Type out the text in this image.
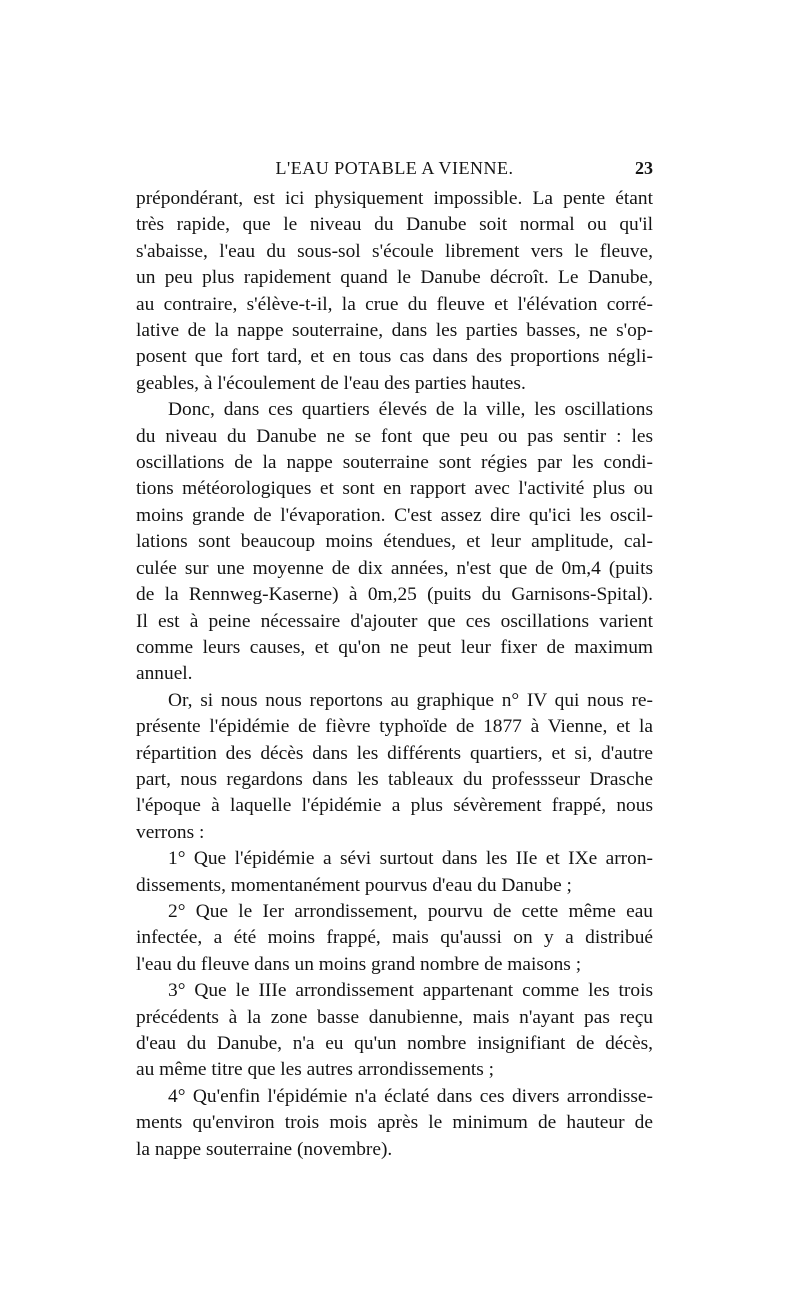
L'EAU POTABLE A VIENNE.	23

prépondérant, est ici physiquement impossible. La pente étant

très rapide, que le niveau du Danube soit normal ou qu'il

s'abaisse, l'eau du sous-sol s'écoule librement vers le fleuve,

un peu plus rapidement quand le Danube décroît. Le Danube,

au contraire, s'élève-t-il, la crue du fleuve et l'élévation corré-

lative de la nappe souterraine, dans les parties basses, ne s'op-

posent que fort tard, et en tous cas dans des proportions négli-

geables, à l'écoulement de l'eau des parties hautes.

Donc, dans ces quartiers élevés de la ville, les oscillations

du niveau du Danube ne se font que peu ou pas sentir : les

oscillations de la nappe souterraine sont régies par les condi-

tions météorologiques et sont en rapport avec l'activité plus ou

moins grande de l'évaporation. C'est assez dire qu'ici les oscil-

lations sont beaucoup moins étendues, et leur amplitude, cal-

culée sur une moyenne de dix années, n'est que de 0m,4 (puits

de la Rennweg-Kaserne) à 0m,25 (puits du Garnisons-Spital).

Il est à peine nécessaire d'ajouter que ces oscillations varient

comme leurs causes, et qu'on ne peut leur fixer de maximum

annuel.

Or, si nous nous reportons au graphique n° IV qui nous re-

présente l'épidémie de fièvre typhoïde de 1877 à Vienne, et la

répartition des décès dans les différents quartiers, et si, d'autre

part, nous regardons dans les tableaux du professseur Drasche

l'époque à laquelle l'épidémie a plus sévèrement frappé, nous

verrons :

1° Que l'épidémie a sévi surtout dans les IIe et IXe arron-

dissements, momentanément pourvus d'eau du Danube ;

2° Que le Ier arrondissement, pourvu de cette même eau

infectée, a été moins frappé, mais qu'aussi on y a distribué

l'eau du fleuve dans un moins grand nombre de maisons ;

3° Que le IIIe arrondissement appartenant comme les trois

précédents à la zone basse danubienne, mais n'ayant pas reçu

d'eau du Danube, n'a eu qu'un nombre insignifiant de décès,

au même titre que les autres arrondissements ;

4° Qu'enfin l'épidémie n'a éclaté dans ces divers arrondisse-

ments qu'environ trois mois après le minimum de hauteur de

la nappe souterraine (novembre).
